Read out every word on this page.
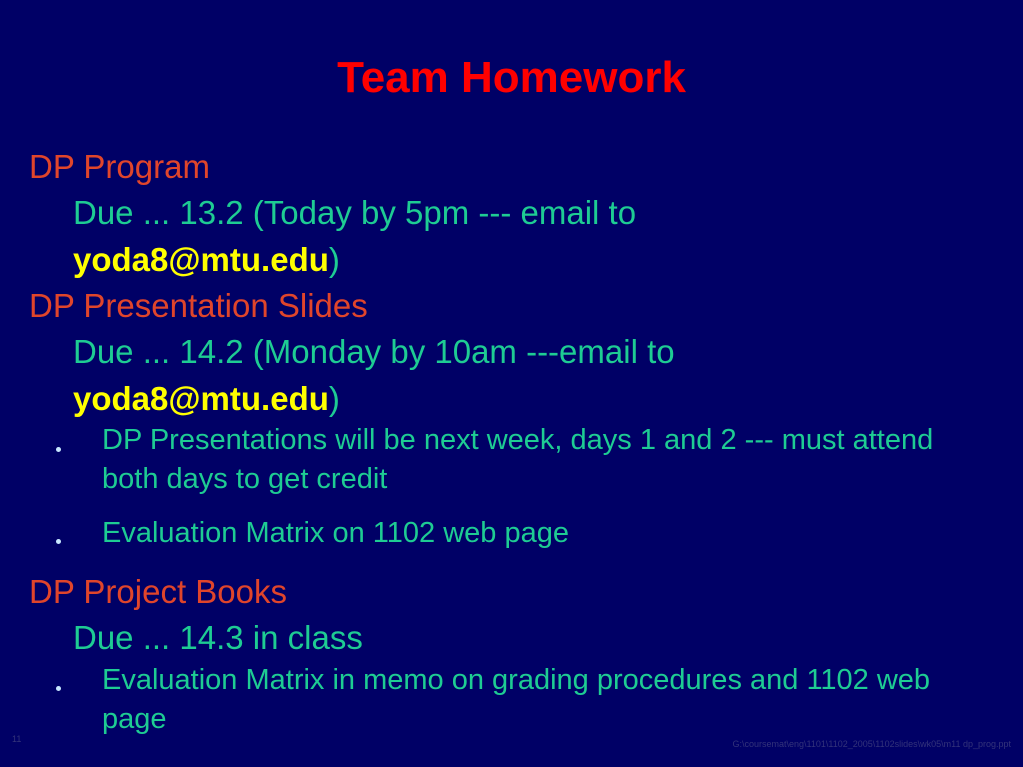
Team Homework
DP Program
Due ... 13.2 (Today by 5pm --- email to
yoda8@mtu.edu)
DP Presentation Slides
Due ... 14.2 (Monday by 10am ---email to
yoda8@mtu.edu)
DP Presentations will be next week, days 1 and 2 --- must attend both days to get credit
Evaluation Matrix on 1102 web page
DP Project Books
Due ... 14.3 in class
Evaluation Matrix in memo on grading procedures and 1102 web page
11	G:\coursemat\eng\1101\1102_2005\1102slides\wk05\m11 dp_prog.ppt
